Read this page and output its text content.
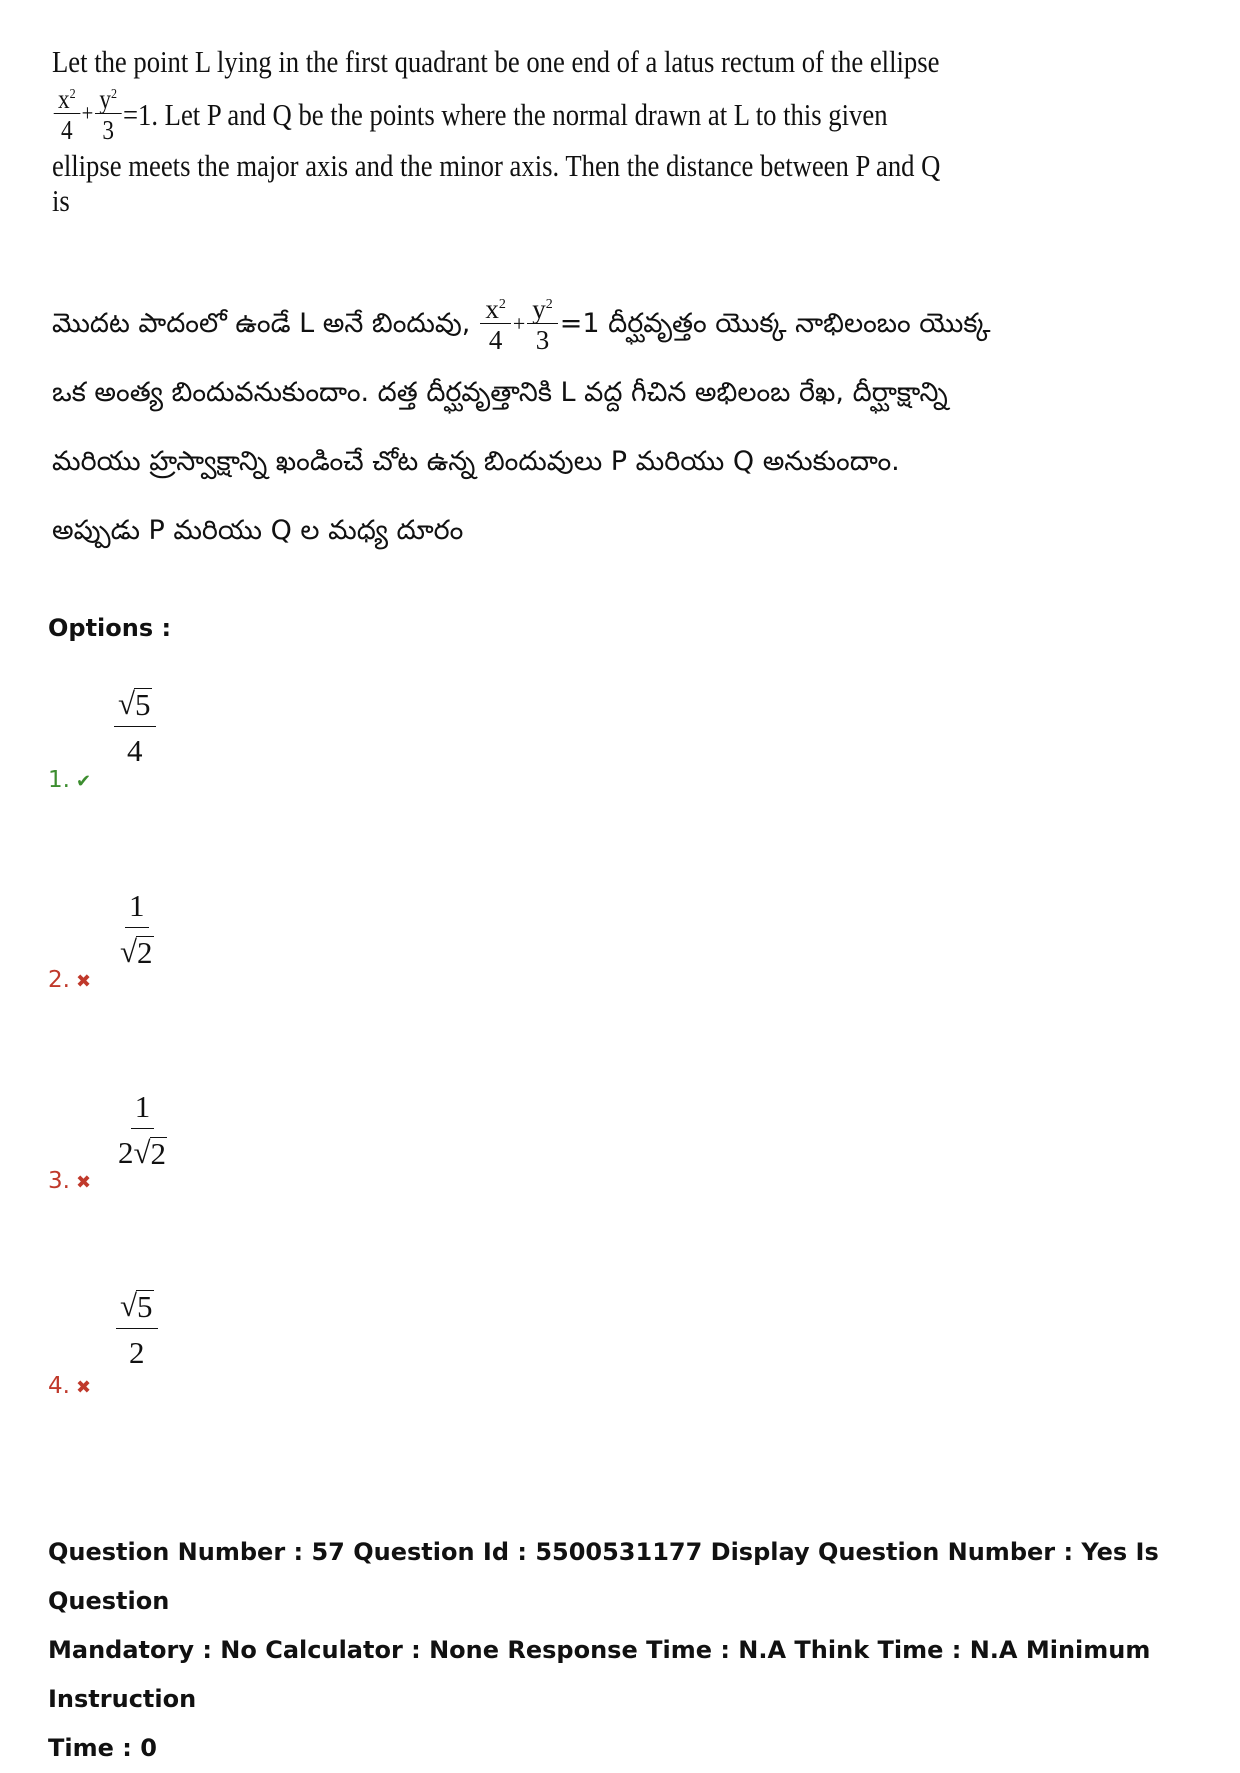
Let the point L lying in the first quadrant be one end of a latus rectum of the ellipse
$\frac{x^2}{4} + \frac{y^2}{3} =1$. Let P and Q be the points where the normal drawn at L to this given
ellipse meets the major axis and the minor axis. Then the distance between P and Q
is
మొదట పాదంలో ఉండే L అనే బిందువు, $\frac{x^2}{4} + \frac{y^2}{3} =1$ దీర్ఘవృత్తం యొక్క నాభిలంబం యొక్క
ఒక అంత్య బిందువనుకుందాం. దత్త దీర్ఘవృత్తానికి L వద్ద గీచిన అభిలంబ రేఖ, దీర్ఘాక్షాన్ని
మరియు హ్రస్వాక్షాన్ని ఖండించే చోట ఉన్న బిందువులు P మరియు Q అనుకుందాం.
అప్పుడు P మరియు Q ల మధ్య దూరం
Options :
√ 5
4
1. ✔
1
√ 2
2. ✖
1
2 √ 2
3. ✖
√ 5
2
4. ✖
Question Number : 57 Question Id : 5500531177 Display Question Number : Yes Is Question
Mandatory : No Calculator : None Response Time : N.A Think Time : N.A Minimum Instruction
Time : 0
